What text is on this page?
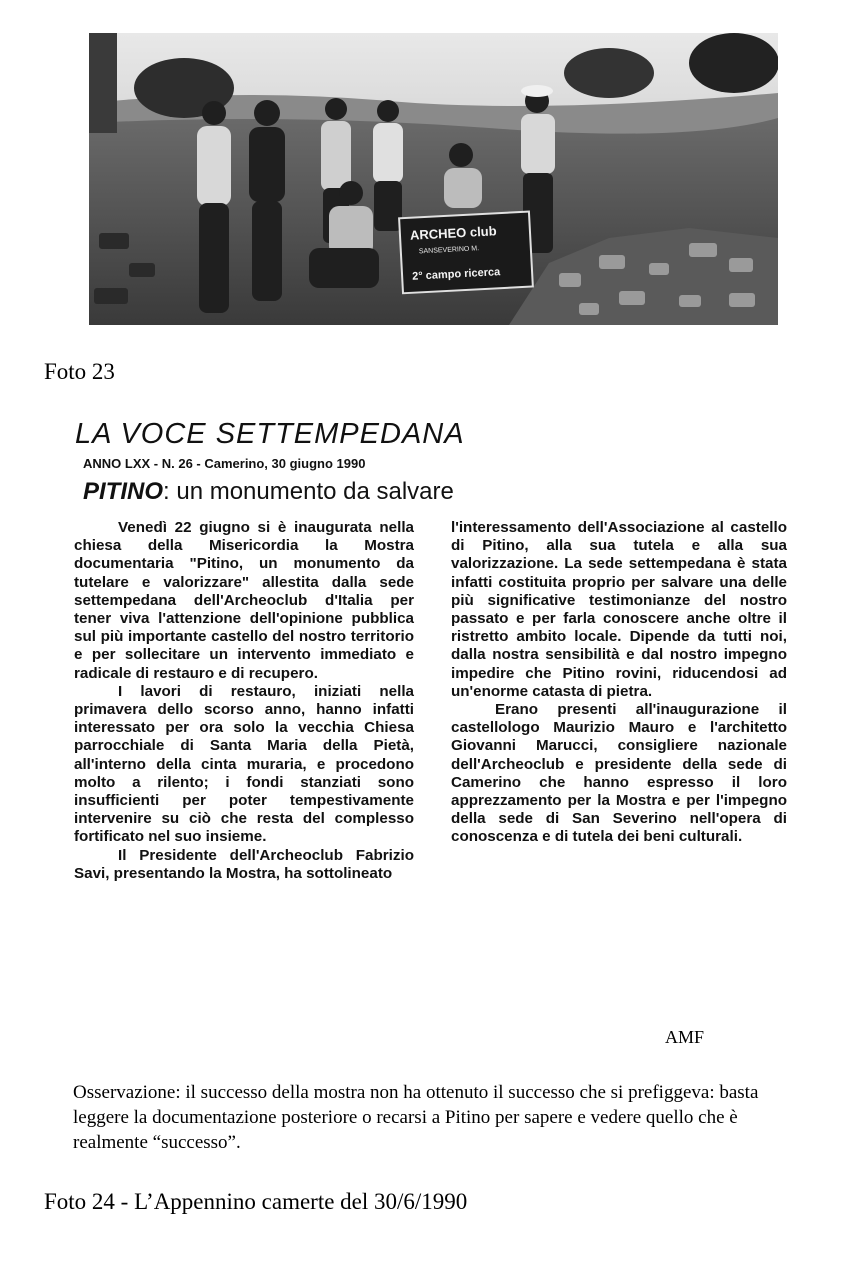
ARCHEO club
SANSEVERINO M.
2° campo ricerca
Foto 23
LA VOCE SETTEMPEDANA
ANNO LXX - N. 26 - Camerino, 30 giugno 1990
PITINO: un monumento da salvare

Venedì 22 giugno si è inaugurata nella chiesa della Misericordia la Mostra documentaria "Pitino, un monumento da tutelare e valorizzare" allestita dalla sede settempedana dell'Archeoclub d'Italia per tener viva l'attenzione dell'opinione pubblica sul più importante castello del nostro territorio e per sollecitare un intervento immediato e radicale di restauro e di recupero.

I lavori di restauro, iniziati nella primavera dello scorso anno, hanno infatti interessato per ora solo la vecchia Chiesa parrocchiale di Santa Maria della Pietà, all'interno della cinta muraria, e procedono molto a rilento; i fondi stanziati sono insufficienti per poter tempestivamente intervenire su ciò che resta del complesso fortificato nel suo insieme.

Il Presidente dell'Archeoclub Fabrizio Savi, presentando la Mostra, ha sottolineato

l'interessamento dell'Associazione al castello di Pitino, alla sua tutela e alla sua valorizzazione. La sede settempedana è stata infatti costituita proprio per salvare una delle più significative testimonianze del nostro passato e per farla conoscere anche oltre il ristretto ambito locale. Dipende da tutti noi, dalla nostra sensibilità e dal nostro impegno impedire che Pitino rovini, riducendosi ad un'enorme catasta di pietra.

Erano presenti all'inaugurazione il castellologo Maurizio Mauro e l'architetto Giovanni Marucci, consigliere nazionale dell'Archeoclub e presidente della sede di Camerino che hanno espresso il loro apprezzamento per la Mostra e per l'impegno della sede di San Severino nell'opera di conoscenza e di tutela dei beni culturali.

AMF
Osservazione: il successo della mostra non ha ottenuto il successo che si prefiggeva: basta leggere la documentazione posteriore o recarsi a Pitino per sapere e vedere quello che è realmente “successo”.
Foto 24 - L’Appennino camerte del 30/6/1990
